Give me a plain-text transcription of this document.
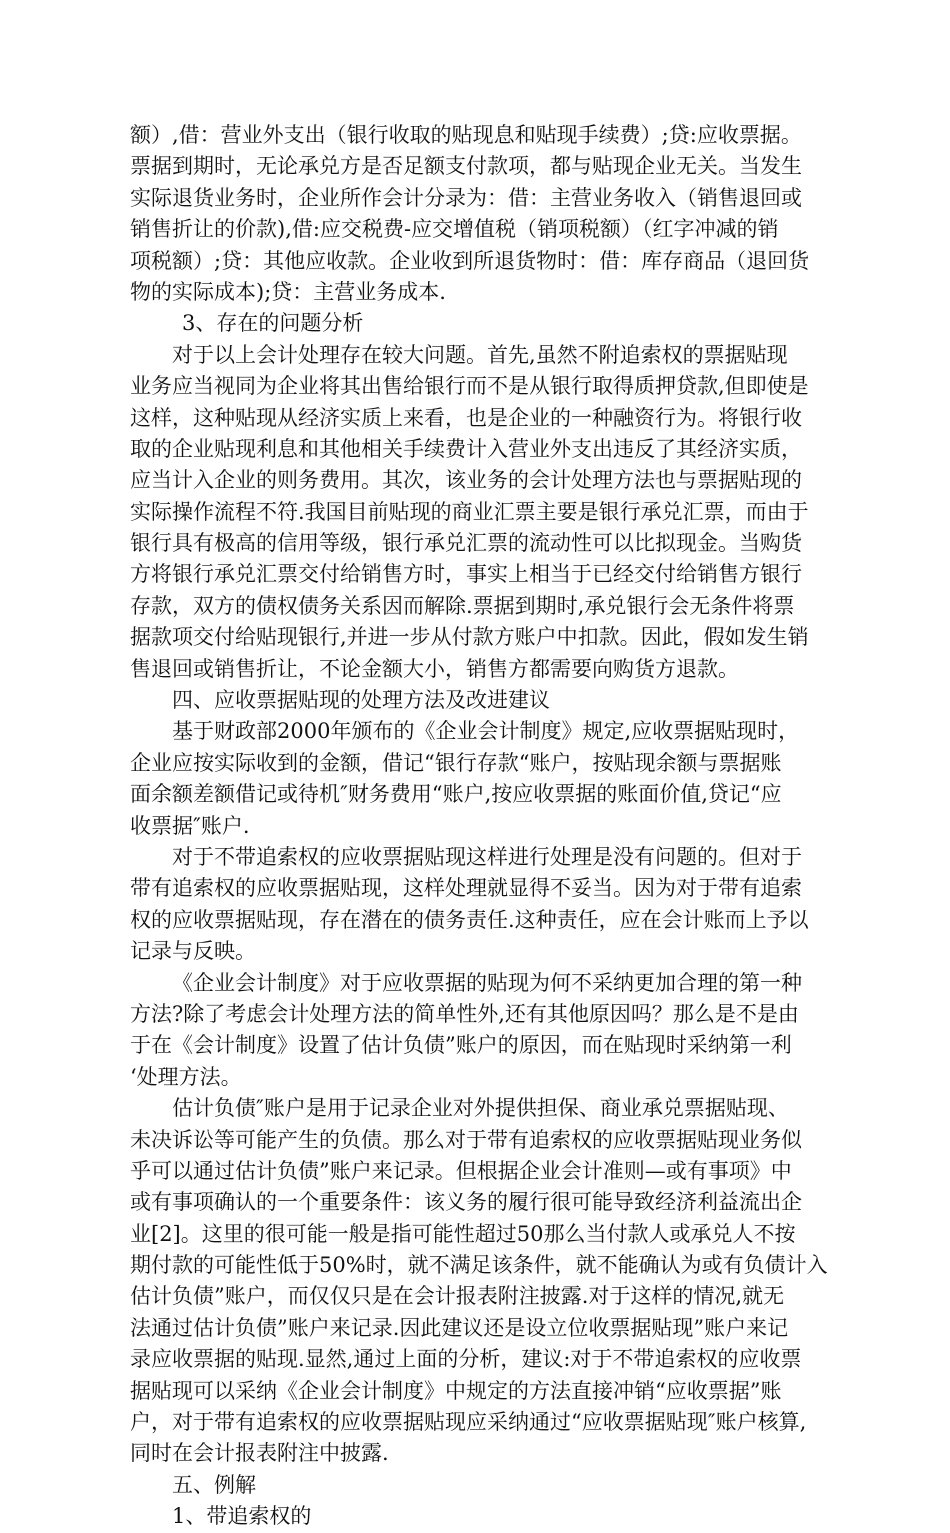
额）,借：营业外支出（银行收取的贴现息和贴现手续费）;贷:应收票据。
票据到期时，无论承兑方是否足额支付款项，都与贴现企业无关。当发生
实际退货业务时，企业所作会计分录为：借：主营业务收入（销售退回或
销售折让的价款),借:应交税费-应交增值税（销项税额）（红字冲减的销
项税额）;贷：其他应收款。企业收到所退货物时：借：库存商品（退回货
物的实际成本);贷：主营业务成本.
3、存在的问题分析
对于以上会计处理存在较大问题。首先,虽然不附追索权的票据贴现
业务应当视同为企业将其出售给银行而不是从银行取得质押贷款,但即使是
这样，这种贴现从经济实质上来看，也是企业的一种融资行为。将银行收
取的企业贴现利息和其他相关手续费计入营业外支出违反了其经济实质，
应当计入企业的则务费用。其次，该业务的会计处理方法也与票据贴现的
实际操作流程不符.我国目前贴现的商业汇票主要是银行承兑汇票，而由于
银行具有极高的信用等级，银行承兑汇票的流动性可以比拟现金。当购货
方将银行承兑汇票交付给销售方时，事实上相当于已经交付给销售方银行
存款，双方的债权债务关系因而解除.票据到期时,承兑银行会无条件将票
据款项交付给贴现银行,并进一步从付款方账户中扣款。因此，假如发生销
售退回或销售折让，不论金额大小，销售方都需要向购货方退款。
四、应收票据贴现的处理方法及改进建议
基于财政部2000年颁布的《企业会计制度》规定,应收票据贴现时，
企业应按实际收到的金额，借记“银行存款“账户，按贴现余额与票据账
面余额差额借记或待机″财务费用“账户,按应收票据的账面价值,贷记“应
收票据″账户.
对于不带追索权的应收票据贴现这样进行处理是没有问题的。但对于
带有追索权的应收票据贴现，这样处理就显得不妥当。因为对于带有追索
权的应收票据贴现，存在潜在的债务责任.这种责任，应在会计账而上予以
记录与反映。
《企业会计制度》对于应收票据的贴现为何不采纳更加合理的第一种
方法?除了考虑会计处理方法的简单性外,还有其他原因吗？那么是不是由
于在《会计制度》设置了估计负债”账户的原因，而在贴现时采纳第一利
‘处理方法。
估计负债″账户是用于记录企业对外提供担保、商业承兑票据贴现、
未决诉讼等可能产生的负债。那么对于带有追索权的应收票据贴现业务似
乎可以通过估计负债”账户来记录。但根据企业会计准则—或有事项》中
或有事项确认的一个重要条件：该义务的履行很可能导致经济利益流出企
业[2]。这里的很可能一般是指可能性超过50那么当付款人或承兑人不按
期付款的可能性低于50%时，就不满足该条件，就不能确认为或有负债计入
估计负债”账户，而仅仅只是在会计报表附注披露.对于这样的情况,就无
法通过估计负债”账户来记录.因此建议还是设立位收票据贴现”账户来记
录应收票据的贴现.显然,通过上面的分析，建议:对于不带追索权的应收票
据贴现可以采纳《企业会计制度》中规定的方法直接冲销“应收票据”账
户，对于带有追索权的应收票据贴现应采纳通过“应收票据贴现″账户核算,
同时在会计报表附注中披露.
五、例解
1、带追索权的
